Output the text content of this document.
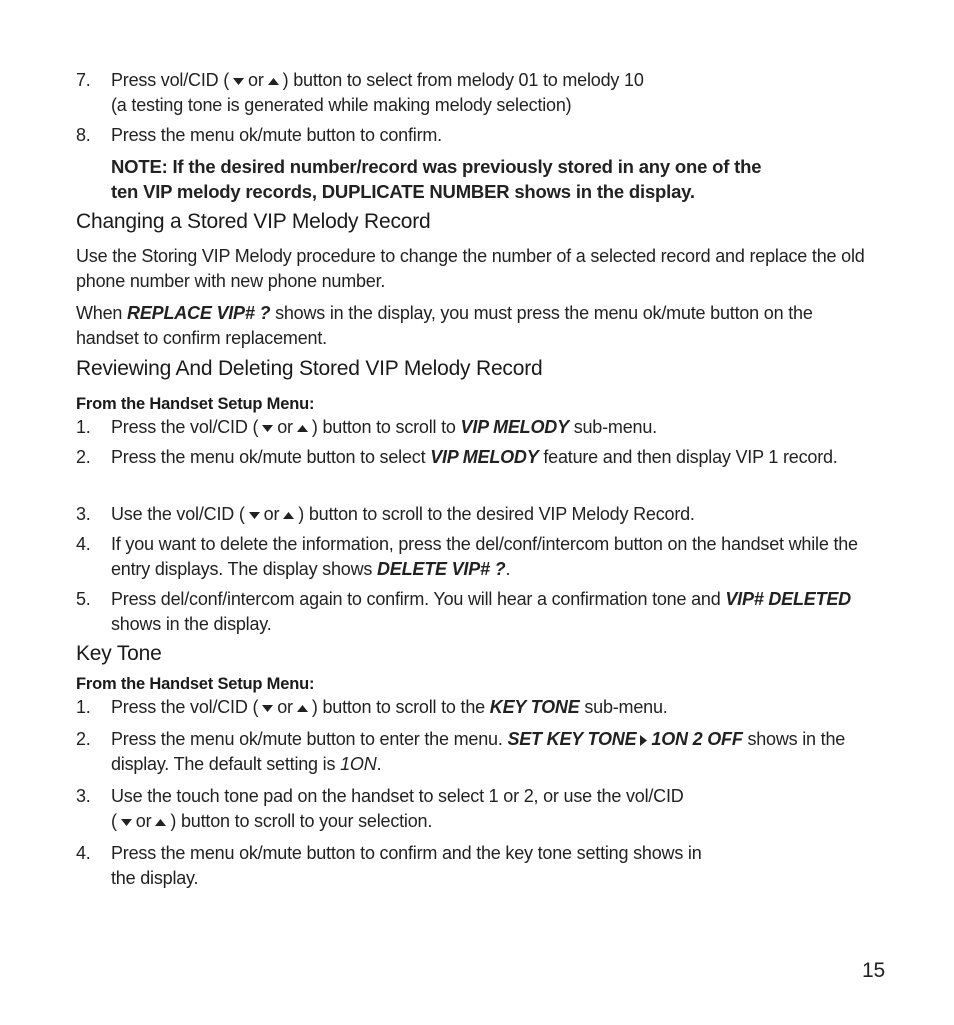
7.	Press vol/CID ( or ) button to select from melody 01 to melody 10
(a testing tone is generated while making melody selection)
8.	Press the menu ok/mute button to confirm.
NOTE: If the desired number/record was previously stored in any one of the
ten VIP melody records, DUPLICATE NUMBER shows in the display.
Changing a Stored VIP Melody Record
Use the Storing VIP Melody procedure to change the number of a selected record and replace the old phone number with new phone number.
When REPLACE VIP# ? shows in the display, you must press the menu ok/mute button on the handset to confirm replacement.
Reviewing And Deleting Stored VIP Melody Record
From the Handset Setup Menu:
1.	Press the vol/CID ( or ) button to scroll to VIP MELODY sub-menu.
2.	Press the menu ok/mute button to select VIP MELODY feature and then display VIP 1 record.
3.	Use the vol/CID ( or ) button to scroll to the desired VIP Melody Record.
4.	If you want to delete the information, press the del/conf/intercom button on the handset while the entry displays. The display shows DELETE VIP# ?.
5.	Press del/conf/intercom again to confirm. You will hear a confirmation tone and VIP# DELETED shows in the display.
Key Tone
From the Handset Setup Menu:
1.	Press the vol/CID ( or ) button to scroll to the KEY TONE sub-menu.
2.	Press the menu ok/mute button to enter the menu. SET KEY TONE 1ON 2 OFF shows in the display. The default setting is 1ON.
3.	Use the touch tone pad on the handset to select 1 or 2, or use the vol/CID
( or ) button to scroll to your selection.
4.	Press the menu ok/mute button to confirm and the key tone setting shows in
the display.
15
